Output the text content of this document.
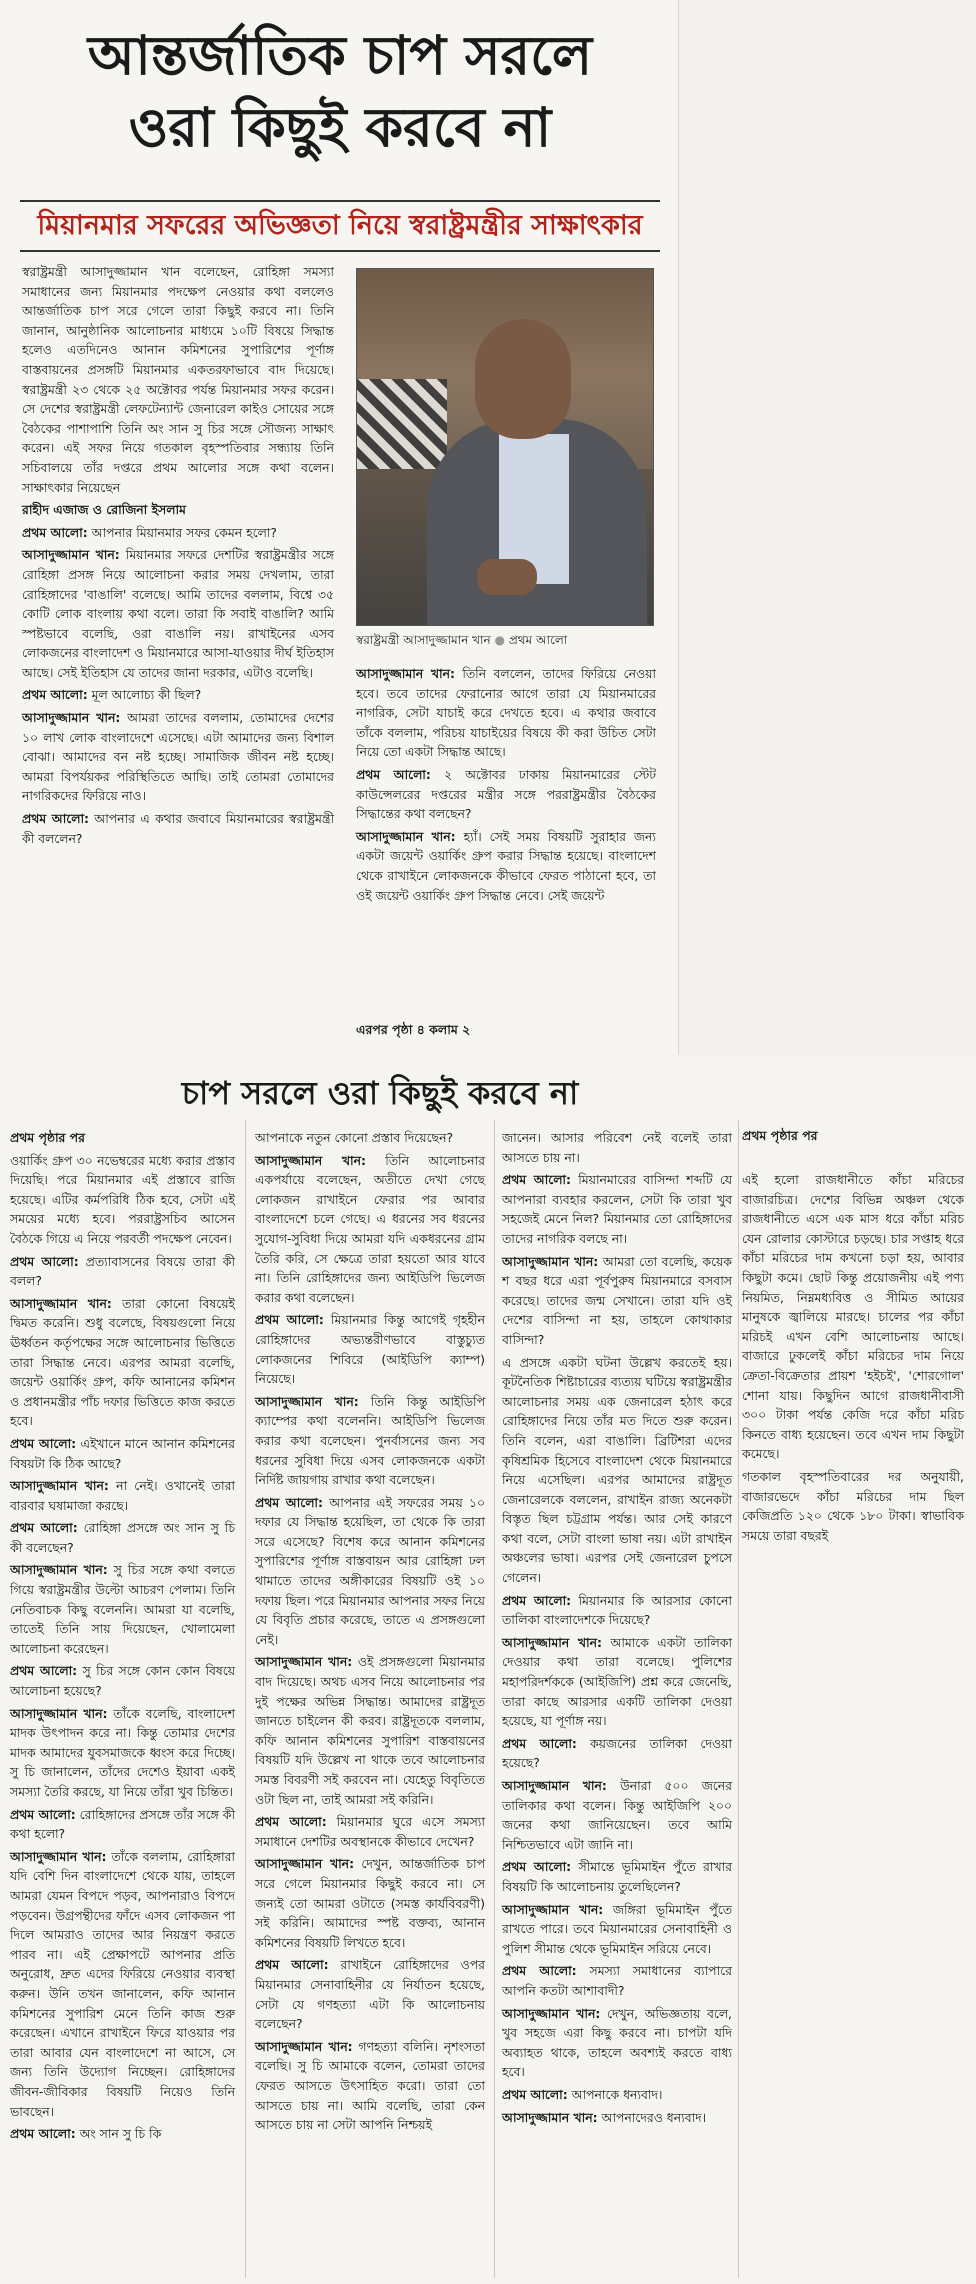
আন্তর্জাতিক চাপ সরলে
ওরা কিছুই করবে না
মিয়ানমার সফরের অভিজ্ঞতা নিয়ে স্বরাষ্ট্রমন্ত্রীর সাক্ষাৎকার

স্বরাষ্ট্রমন্ত্রী আসাদুজ্জামান খান বলেছেন, রোহিঙ্গা সমস্যা সমাধানের জন্য মিয়ানমার পদক্ষেপ নেওয়ার কথা বললেও আন্তর্জাতিক চাপ সরে গেলে তারা কিছুই করবে না। তিনি জানান, আনুষ্ঠানিক আলোচনার মাধ্যমে ১০টি বিষয়ে সিদ্ধান্ত হলেও এতদিনেও আনান কমিশনের সুপারিশের পূর্ণাঙ্গ বাস্তবায়নের প্রসঙ্গটি মিয়ানমার একতরফাভাবে বাদ দিয়েছে। স্বরাষ্ট্রমন্ত্রী ২৩ থেকে ২৫ অক্টোবর পর্যন্ত মিয়ানমার সফর করেন। সে দেশের স্বরাষ্ট্রমন্ত্রী লেফটেন্যান্ট জেনারেল কাইও সোয়ের সঙ্গে বৈঠকের পাশাপাশি তিনি অং সান সু চির সঙ্গে সৌজন্য সাক্ষাৎ করেন। এই সফর নিয়ে গতকাল বৃহস্পতিবার সন্ধ্যায় তিনি সচিবালয়ে তাঁর দপ্তরে প্রথম আলোর সঙ্গে কথা বলেন। সাক্ষাৎকার নিয়েছেন

রাহীদ এজাজ ও রোজিনা ইসলাম

প্রথম আলো: আপনার মিয়ানমার সফর কেমন হলো?

আসাদুজ্জামান খান: মিয়ানমার সফরে দেশটির স্বরাষ্ট্রমন্ত্রীর সঙ্গে রোহিঙ্গা প্রসঙ্গ নিয়ে আলোচনা করার সময় দেখলাম, তারা রোহিঙ্গাদের 'বাঙালি' বলেছে। আমি তাদের বললাম, বিশ্বে ৩৫ কোটি লোক বাংলায় কথা বলে। তারা কি সবাই বাঙালি? আমি স্পষ্টভাবে বলেছি, ওরা বাঙালি নয়। রাখাইনের এসব লোকজনের বাংলাদেশ ও মিয়ানমারে আসা-যাওয়ার দীর্ঘ ইতিহাস আছে। সেই ইতিহাস যে তাদের জানা দরকার, এটাও বলেছি।

প্রথম আলো: মূল আলোচ্য কী ছিল?

আসাদুজ্জামান খান: আমরা তাদের বললাম, তোমাদের দেশের ১০ লাখ লোক বাংলাদেশে এসেছে। এটা আমাদের জন্য বিশাল বোঝা। আমাদের বন নষ্ট হচ্ছে। সামাজিক জীবন নষ্ট হচ্ছে। আমরা বিপর্যয়কর পরিস্থিতিতে আছি। তাই তোমরা তোমাদের নাগরিকদের ফিরিয়ে নাও।

প্রথম আলো: আপনার এ কথার জবাবে মিয়ানমারের স্বরাষ্ট্রমন্ত্রী কী বললেন?

স্বরাষ্ট্রমন্ত্রী আসাদুজ্জামান খান ● প্রথম আলো

আসাদুজ্জামান খান: তিনি বললেন, তাদের ফিরিয়ে নেওয়া হবে। তবে তাদের ফেরানোর আগে তারা যে মিয়ানমারের নাগরিক, সেটা যাচাই করে দেখতে হবে। এ কথার জবাবে তাঁকে বললাম, পরিচয় যাচাইয়ের বিষয়ে কী করা উচিত সেটা নিয়ে তো একটা সিদ্ধান্ত আছে।

প্রথম আলো: ২ অক্টোবর ঢাকায় মিয়ানমারের স্টেট কাউন্সেলরের দপ্তরের মন্ত্রীর সঙ্গে পররাষ্ট্রমন্ত্রীর বৈঠকের সিদ্ধান্তের কথা বলছেন?

আসাদুজ্জামান খান: হ্যাঁ। সেই সময় বিষয়টি সুরাহার জন্য একটা জয়েন্ট ওয়ার্কিং গ্রুপ করার সিদ্ধান্ত হয়েছে। বাংলাদেশ থেকে রাখাইনে লোকজনকে কীভাবে ফেরত পাঠানো হবে, তা ওই জয়েন্ট ওয়ার্কিং গ্রুপ সিদ্ধান্ত নেবে। সেই জয়েন্ট

এরপর পৃষ্ঠা ৪ কলাম ২
চাপ সরলে ওরা কিছুই করবে না

প্রথম পৃষ্ঠার পর

ওয়ার্কিং গ্রুপ ৩০ নভেম্বরের মধ্যে করার প্রস্তাব দিয়েছি। পরে মিয়ানমার এই প্রস্তাবে রাজি হয়েছে। এটির কর্মপরিধি ঠিক হবে, সেটা এই সময়ের মধ্যে হবে। পররাষ্ট্রসচিব আসেন বৈঠকে গিয়ে এ নিয়ে পরবর্তী পদক্ষেপ নেবেন।

প্রথম আলো: প্রত্যাবাসনের বিষয়ে তারা কী বলল?

আসাদুজ্জামান খান: তারা কোনো বিষয়েই দ্বিমত করেনি। শুধু বলেছে, বিষয়গুলো নিয়ে ঊর্ধ্বতন কর্তৃপক্ষের সঙ্গে আলোচনার ভিত্তিতে তারা সিদ্ধান্ত নেবে। এরপর আমরা বলেছি, জয়েন্ট ওয়ার্কিং গ্রুপ, কফি আনানের কমিশন ও প্রধানমন্ত্রীর পাঁচ দফার ভিত্তিতে কাজ করতে হবে।

প্রথম আলো: এইখানে মানে আনান কমিশনের বিষয়টা কি ঠিক আছে?

আসাদুজ্জামান খান: না নেই। ওখানেই তারা বারবার ঘষামাজা করছে।

প্রথম আলো: রোহিঙ্গা প্রসঙ্গে অং সান সু চি কী বলেছেন?

আসাদুজ্জামান খান: সু চির সঙ্গে কথা বলতে গিয়ে স্বরাষ্ট্রমন্ত্রীর উল্টো আচরণ পেলাম। তিনি নেতিবাচক কিছু বলেননি। আমরা যা বলেছি, তাতেই তিনি সায় দিয়েছেন, খোলামেলা আলোচনা করেছেন।

প্রথম আলো: সু চির সঙ্গে কোন কোন বিষয়ে আলোচনা হয়েছে?

আসাদুজ্জামান খান: তাঁকে বলেছি, বাংলাদেশ মাদক উৎপাদন করে না। কিন্তু তোমার দেশের মাদক আমাদের যুবসমাজকে ধ্বংস করে দিচ্ছে। সু চি জানালেন, তাঁদের দেশেও ইয়াবা একই সমস্যা তৈরি করছে, যা নিয়ে তাঁরা খুব চিন্তিত।

প্রথম আলো: রোহিঙ্গাদের প্রসঙ্গে তাঁর সঙ্গে কী কথা হলো?

আসাদুজ্জামান খান: তাঁকে বললাম, রোহিঙ্গারা যদি বেশি দিন বাংলাদেশে থেকে যায়, তাহলে আমরা যেমন বিপদে পড়ব, আপনারাও বিপদে পড়বেন। উগ্রপন্থীদের ফাঁদে এসব লোকজন পা দিলে আমরাও তাদের আর নিয়ন্ত্রণ করতে পারব না। এই প্রেক্ষাপটে আপনার প্রতি অনুরোধ, দ্রুত এদের ফিরিয়ে নেওয়ার ব্যবস্থা করুন। উনি তখন জানালেন, কফি আনান কমিশনের সুপারিশ মেনে তিনি কাজ শুরু করেছেন। এখানে রাখাইনে ফিরে যাওয়ার পর তারা আবার যেন বাংলাদেশে না আসে, সে জন্য তিনি উদ্যোগ নিচ্ছেন। রোহিঙ্গাদের জীবন-জীবিকার বিষয়টি নিয়েও তিনি ভাবছেন।

প্রথম আলো: অং সান সু চি কি

আপনাকে নতুন কোনো প্রস্তাব দিয়েছেন?

আসাদুজ্জামান খান: তিনি আলোচনার একপর্যায়ে বলেছেন, অতীতে দেখা গেছে লোকজন রাখাইনে ফেরার পর আবার বাংলাদেশে চলে গেছে। এ ধরনের সব ধরনের সুযোগ-সুবিধা দিয়ে আমরা যদি একধরনের গ্রাম তৈরি করি, সে ক্ষেত্রে তারা হয়তো আর যাবে না। তিনি রোহিঙ্গাদের জন্য আইডিপি ভিলেজ করার কথা বলেছেন।

প্রথম আলো: মিয়ানমার কিন্তু আগেই গৃহহীন রোহিঙ্গাদের অভ্যন্তরীণভাবে বাস্তুচ্যুত লোকজনের শিবিরে (আইডিপি ক্যাম্প) নিয়েছে।

আসাদুজ্জামান খান: তিনি কিন্তু আইডিপি ক্যাম্পের কথা বলেননি। আইডিপি ভিলেজ করার কথা বলেছেন। পুনর্বাসনের জন্য সব ধরনের সুবিধা দিয়ে এসব লোকজনকে একটা নির্দিষ্ট জায়গায় রাখার কথা বলেছেন।

প্রথম আলো: আপনার এই সফরের সময় ১০ দফার যে সিদ্ধান্ত হয়েছিল, তা থেকে কি তারা সরে এসেছে? বিশেষ করে আনান কমিশনের সুপারিশের পূর্ণাঙ্গ বাস্তবায়ন আর রোহিঙ্গা ঢল থামাতে তাদের অঙ্গীকারের বিষয়টি ওই ১০ দফায় ছিল। পরে মিয়ানমার আপনার সফর নিয়ে যে বিবৃতি প্রচার করেছে, তাতে এ প্রসঙ্গগুলো নেই।

আসাদুজ্জামান খান: ওই প্রসঙ্গগুলো মিয়ানমার বাদ দিয়েছে। অথচ এসব নিয়ে আলোচনার পর দুই পক্ষের অভিন্ন সিদ্ধান্ত। আমাদের রাষ্ট্রদূত জানতে চাইলেন কী করব। রাষ্ট্রদূতকে বললাম, কফি আনান কমিশনের সুপারিশ বাস্তবায়নের বিষয়টি যদি উল্লেখ না থাকে তবে আলোচনার সমস্ত বিবরণী সই করবেন না। যেহেতু বিবৃতিতে ওটা ছিল না, তাই আমরা সই করিনি।

প্রথম আলো: মিয়ানমার ঘুরে এসে সমস্যা সমাধানে দেশটির অবস্থানকে কীভাবে দেখেন?

আসাদুজ্জামান খান: দেখুন, আন্তর্জাতিক চাপ সরে গেলে মিয়ানমার কিছুই করবে না। সে জন্যই তো আমরা ওটাতে (সমস্ত কার্যবিবরণী) সই করিনি। আমাদের স্পষ্ট বক্তব্য, আনান কমিশনের বিষয়টি লিখতে হবে।

প্রথম আলো: রাখাইনে রোহিঙ্গাদের ওপর মিয়ানমার সেনাবাহিনীর যে নির্যাতন হয়েছে, সেটা যে গণহত্যা এটা কি আলোচনায় বলেছেন?

আসাদুজ্জামান খান: গণহত্যা বলিনি। নৃশংসতা বলেছি। সু চি আমাকে বলেন, তোমরা তাদের ফেরত আসতে উৎসাহিত করো। তারা তো আসতে চায় না। আমি বলেছি, তারা কেন আসতে চায় না সেটা আপনি নিশ্চয়ই

জানেন। আসার পরিবেশ নেই বলেই তারা আসতে চায় না।

প্রথম আলো: মিয়ানমারের বাসিন্দা শব্দটি যে আপনারা ব্যবহার করলেন, সেটা কি তারা খুব সহজেই মেনে নিল? মিয়ানমার তো রোহিঙ্গাদের তাদের নাগরিক বলছে না।

আসাদুজ্জামান খান: আমরা তো বলেছি, কয়েক শ বছর ধরে এরা পূর্বপুরুষ মিয়ানমারে বসবাস করেছে। তাদের জন্ম সেখানে। তারা যদি ওই দেশের বাসিন্দা না হয়, তাহলে কোথাকার বাসিন্দা?

এ প্রসঙ্গে একটা ঘটনা উল্লেখ করতেই হয়। কূটনৈতিক শিষ্টাচারের ব্যত্যয় ঘটিয়ে স্বরাষ্ট্রমন্ত্রীর আলোচনার সময় এক জেনারেল হঠাৎ করে রোহিঙ্গাদের নিয়ে তাঁর মত দিতে শুরু করেন। তিনি বলেন, এরা বাঙালি। ব্রিটিশরা এদের কৃষিশ্রমিক হিসেবে বাংলাদেশ থেকে মিয়ানমারে নিয়ে এসেছিল। এরপর আমাদের রাষ্ট্রদূত জেনারেলকে বললেন, রাখাইন রাজ্য অনেকটা বিস্তৃত ছিল চট্টগ্রাম পর্যন্ত। আর সেই কারণে কথা বলে, সেটা বাংলা ভাষা নয়। এটা রাখাইন অঞ্চলের ভাষা। এরপর সেই জেনারেল চুপসে গেলেন।

প্রথম আলো: মিয়ানমার কি আরসার কোনো তালিকা বাংলাদেশকে দিয়েছে?

আসাদুজ্জামান খান: আমাকে একটা তালিকা দেওয়ার কথা তারা বলেছে। পুলিশের মহাপরিদর্শককে (আইজিপি) প্রশ্ন করে জেনেছি, তারা কাছে আরসার একটি তালিকা দেওয়া হয়েছে, যা পূর্ণাঙ্গ নয়।

প্রথম আলো: কয়জনের তালিকা দেওয়া হয়েছে?

আসাদুজ্জামান খান: উনারা ৫০০ জনের তালিকার কথা বলেন। কিন্তু আইজিপি ২০০ জনের কথা জানিয়েছেন। তবে আমি নিশ্চিতভাবে এটা জানি না।

প্রথম আলো: সীমান্তে ভূমিমাইন পুঁতে রাখার বিষয়টি কি আলোচনায় তুলেছিলেন?

আসাদুজ্জামান খান: জঙ্গিরা ভূমিমাইন পুঁতে রাখতে পারে। তবে মিয়ানমারের সেনাবাহিনী ও পুলিশ সীমান্ত থেকে ভূমিমাইন সরিয়ে নেবে।

প্রথম আলো: সমস্যা সমাধানের ব্যাপারে আপনি কতটা আশাবাদী?

আসাদুজ্জামান খান: দেখুন, অভিজ্ঞতায় বলে, খুব সহজে এরা কিছু করবে না। চাপটা যদি অব্যাহত থাকে, তাহলে অবশ্যই করতে বাধ্য হবে।

প্রথম আলো: আপনাকে ধন্যবাদ।

আসাদুজ্জামান খান: আপনাদেরও ধন্যবাদ।

প্রথম পৃষ্ঠার পর

এই হলো রাজধানীতে কাঁচা মরিচের বাজারচিত্র। দেশের বিভিন্ন অঞ্চল থেকে রাজধানীতে এসে এক মাস ধরে কাঁচা মরিচ যেন রোলার কোস্টারে চড়ছে। চার সপ্তাহ ধরে কাঁচা মরিচের দাম কখনো চড়া হয়, আবার কিছুটা কমে। ছোট কিন্তু প্রয়োজনীয় এই পণ্য নিয়মিত, নিম্নমধ্যবিত্ত ও সীমিত আয়ের মানুষকে জ্বালিয়ে মারছে। চালের পর কাঁচা মরিচই এখন বেশি আলোচনায় আছে। বাজারে ঢুকলেই কাঁচা মরিচের দাম নিয়ে ক্রেতা-বিক্রেতার প্রায়শ 'হইচই', 'শোরগোল' শোনা যায়। কিছুদিন আগে রাজধানীবাসী ৩০০ টাকা পর্যন্ত কেজি দরে কাঁচা মরিচ কিনতে বাধ্য হয়েছেন। তবে এখন দাম কিছুটা কমেছে।

গতকাল বৃহস্পতিবারের দর অনুযায়ী, বাজারভেদে কাঁচা মরিচের দাম ছিল কেজিপ্রতি ১২০ থেকে ১৮০ টাকা। স্বাভাবিক সময়ে তারা বছরই
